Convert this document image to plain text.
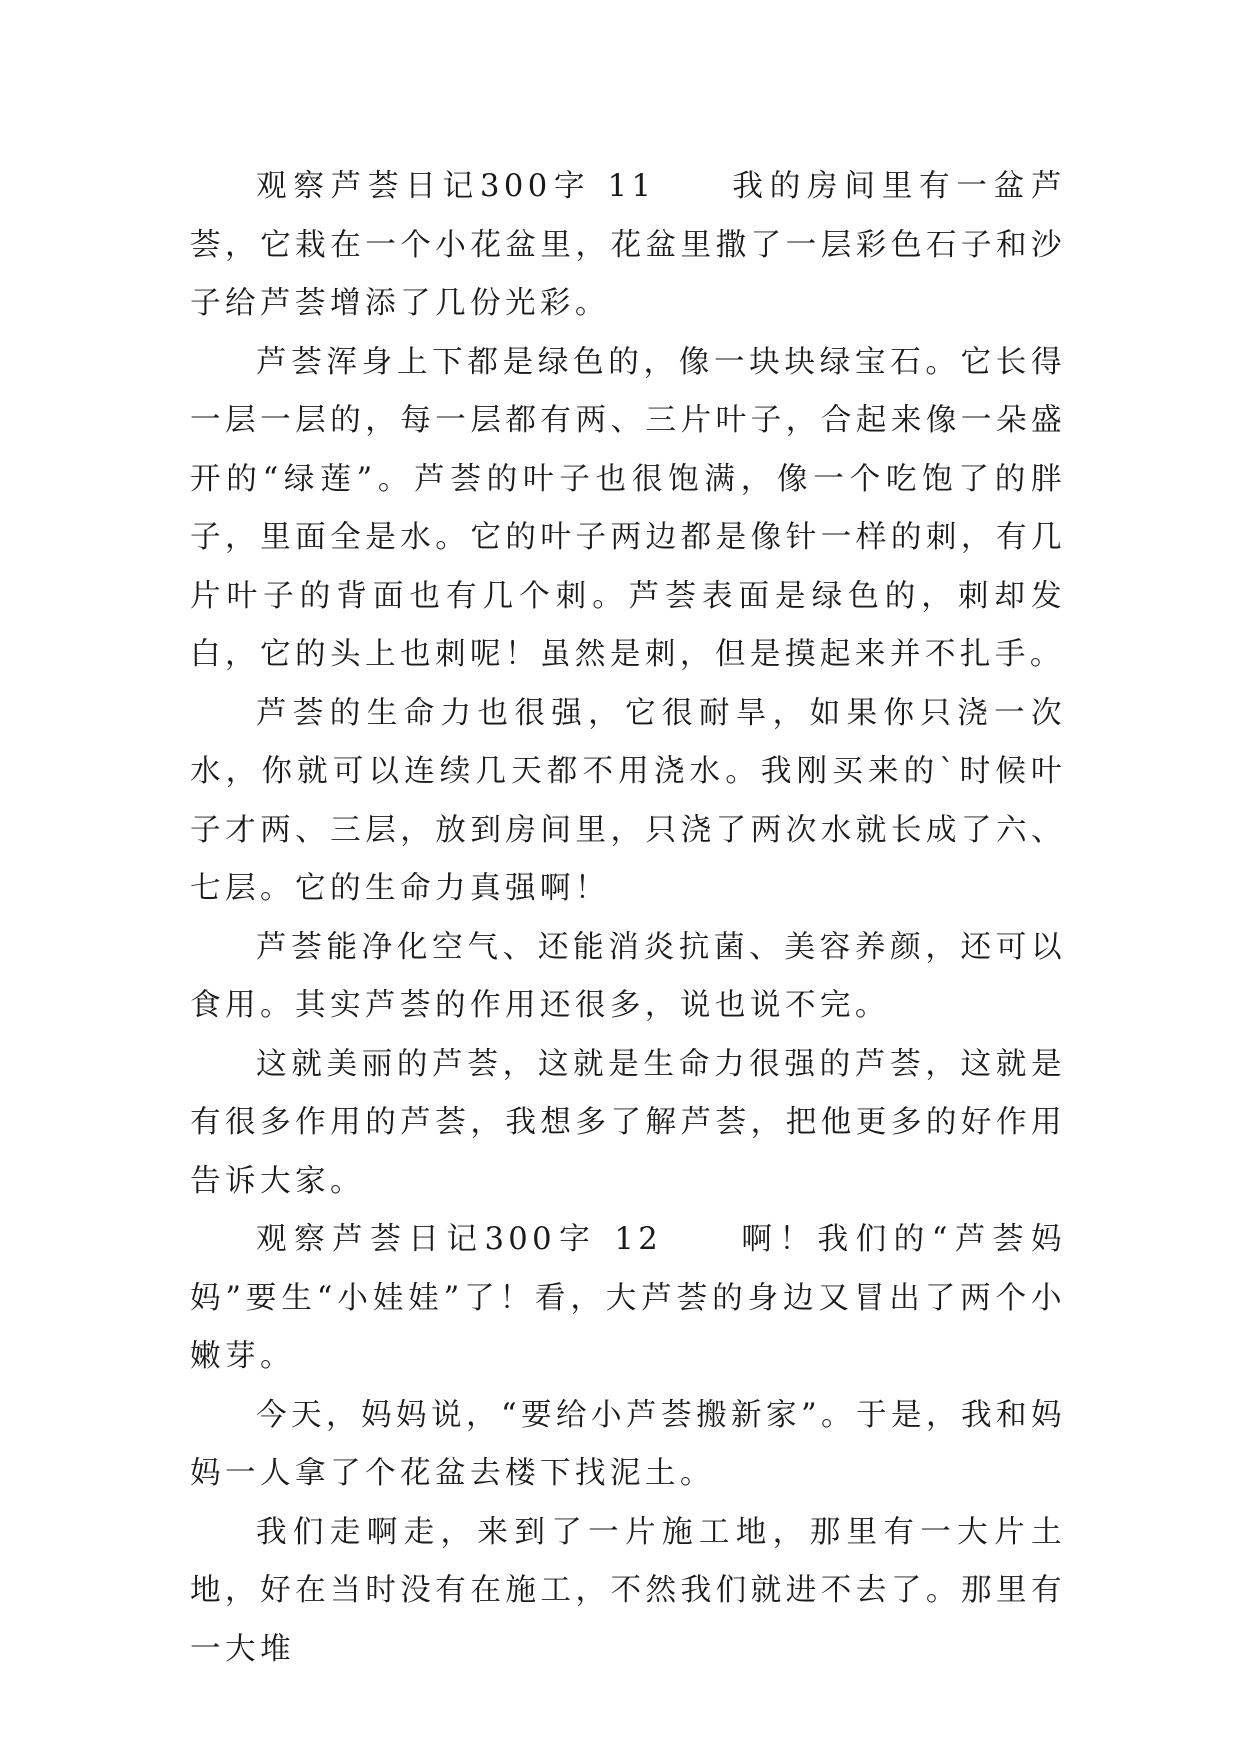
观察芦荟日记300字 11　　我的房间里有一盆芦荟，它栽在一个小花盆里，花盆里撒了一层彩色石子和沙子给芦荟增添了几份光彩。

芦荟浑身上下都是绿色的，像一块块绿宝石。它长得一层一层的，每一层都有两、三片叶子，合起来像一朵盛开的“绿莲”。芦荟的叶子也很饱满，像一个吃饱了的胖子，里面全是水。它的叶子两边都是像针一样的刺，有几片叶子的背面也有几个刺。芦荟表面是绿色的，刺却发白，它的头上也刺呢！虽然是刺，但是摸起来并不扎手。

芦荟的生命力也很强，它很耐旱，如果你只浇一次水，你就可以连续几天都不用浇水。我刚买来的`时候叶子才两、三层，放到房间里，只浇了两次水就长成了六、七层。它的生命力真强啊！

芦荟能净化空气、还能消炎抗菌、美容养颜，还可以食用。其实芦荟的作用还很多，说也说不完。

这就美丽的芦荟，这就是生命力很强的芦荟，这就是有很多作用的芦荟，我想多了解芦荟，把他更多的好作用告诉大家。

观察芦荟日记300字 12　　啊！我们的“芦荟妈妈”要生“小娃娃”了！看，大芦荟的身边又冒出了两个小嫩芽。

今天，妈妈说，“要给小芦荟搬新家”。于是，我和妈妈一人拿了个花盆去楼下找泥土。

我们走啊走，来到了一片施工地，那里有一大片土地，好在当时没有在施工，不然我们就进不去了。那里有一大堆
